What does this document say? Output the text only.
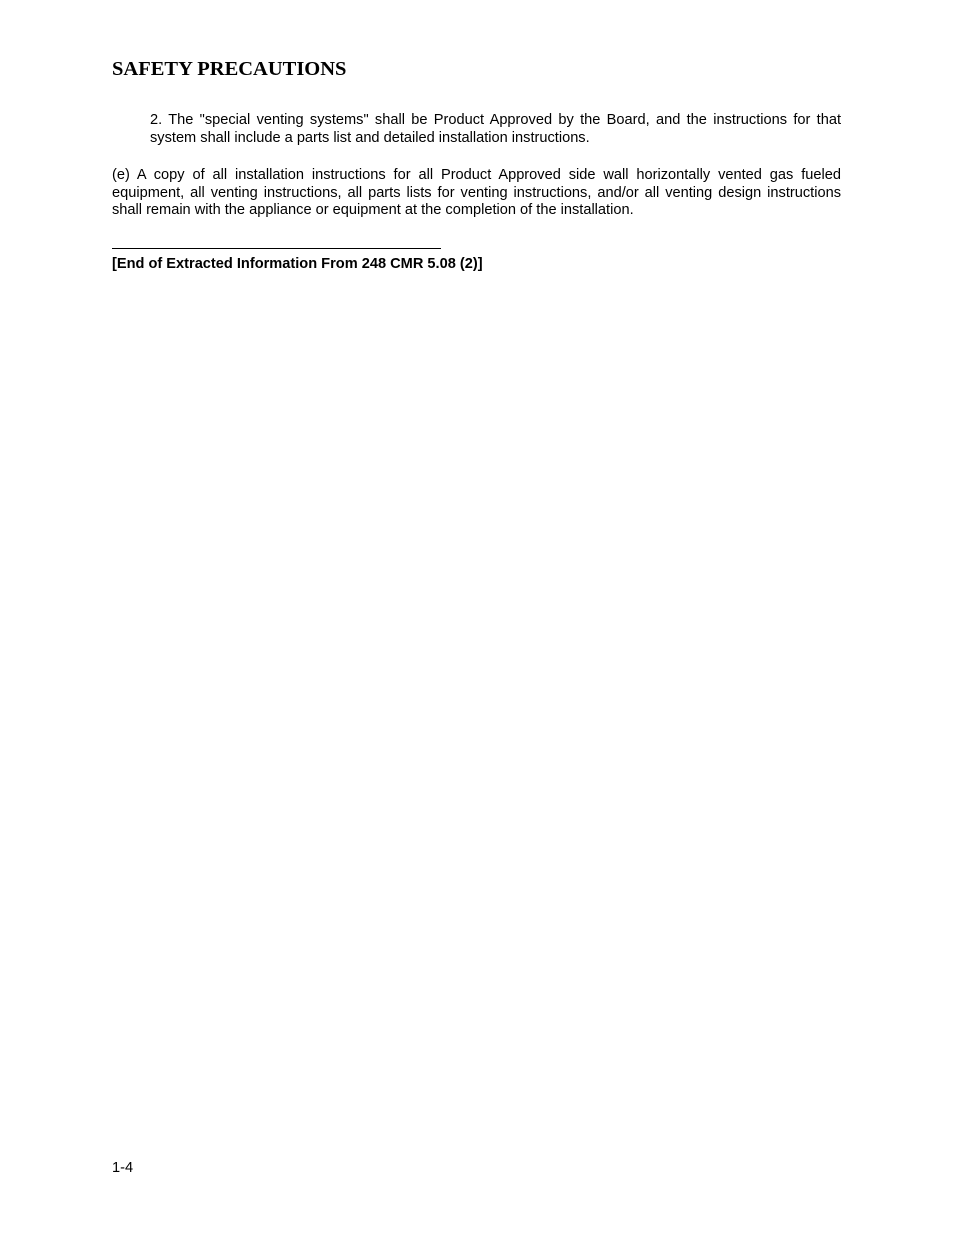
SAFETY PRECAUTIONS

2. The "special venting systems" shall be Product Approved by the Board, and the instructions for that system shall include a parts list and detailed installation instructions.

(e) A copy of all installation instructions for all Product Approved side wall horizontally vented gas fueled equipment, all venting instructions, all parts lists for venting instructions, and/or all venting design instructions shall remain with the appliance or equipment at the completion of the installation.

[End of Extracted Information From 248 CMR 5.08 (2)]

1-4
